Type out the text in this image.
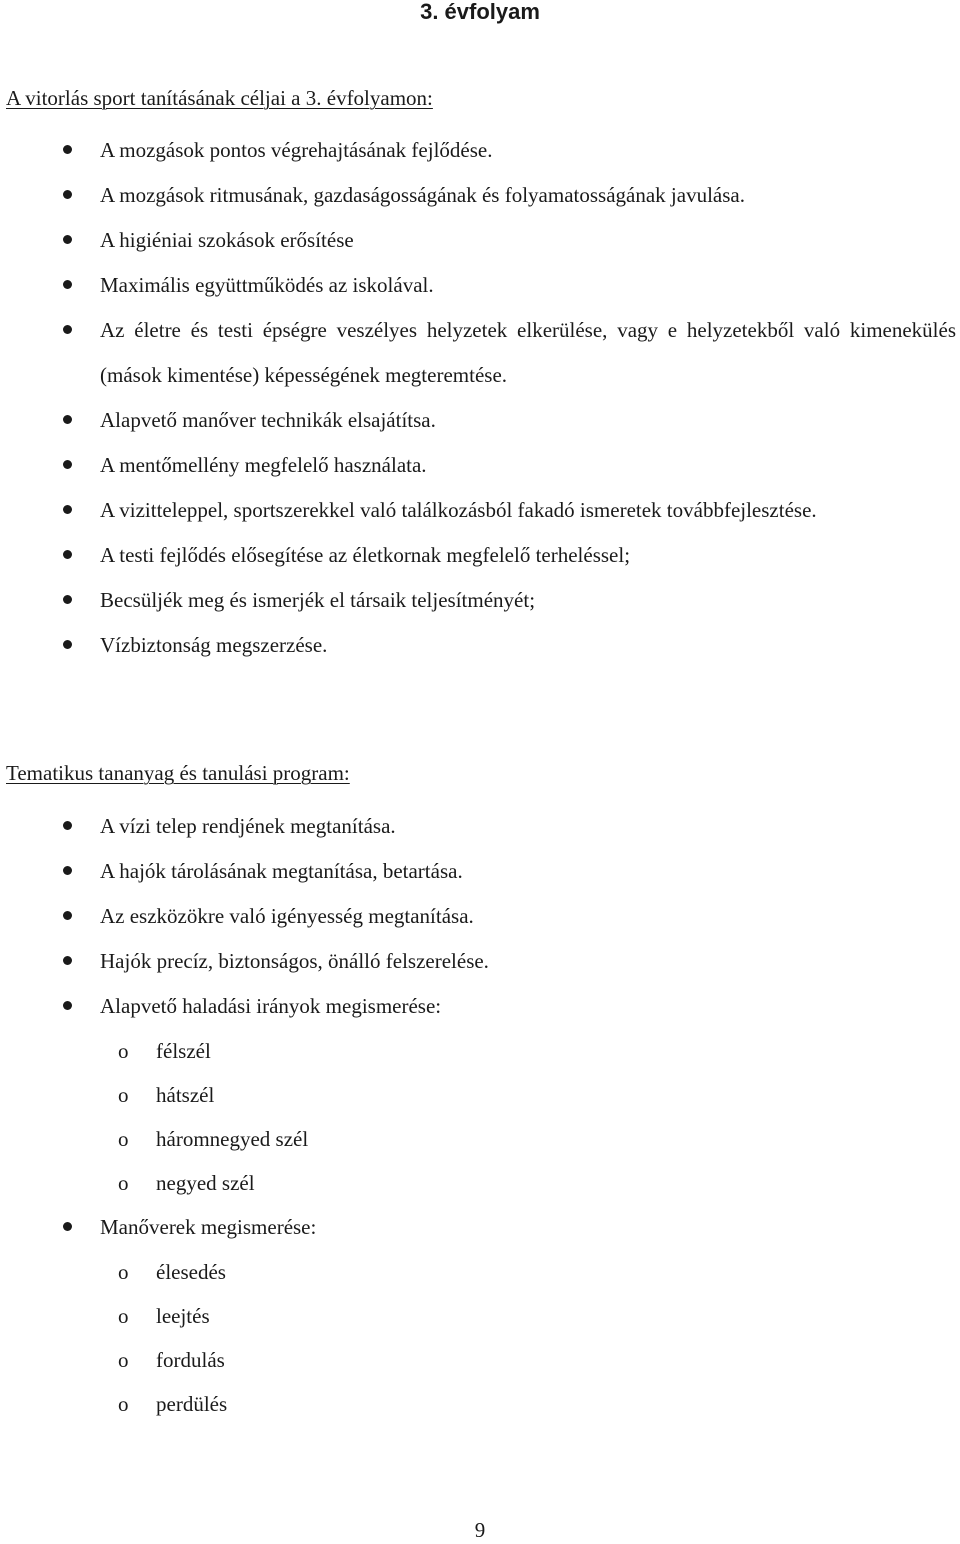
3. évfolyam
A vitorlás sport tanításának céljai a 3. évfolyamon:
A mozgások pontos végrehajtásának fejlődése.
A mozgások ritmusának, gazdaságosságának és folyamatosságának javulása.
A higiéniai szokások erősítése
Maximális együttműködés az iskolával.
Az életre és testi épségre veszélyes helyzetek elkerülése, vagy e helyzetekből való kimenekülés (mások kimentése) képességének megteremtése.
Alapvető manőver technikák elsajátítsa.
A mentőmellény megfelelő használata.
A vizitteleppel, sportszerekkel való találkozásból fakadó ismeretek továbbfejlesztése.
A testi fejlődés elősegítése az életkornak megfelelő terheléssel;
Becsüljék meg és ismerjék el társaik teljesítményét;
Vízbiztonság megszerzése.
Tematikus tananyag és tanulási program:
A vízi telep rendjének megtanítása.
A hajók tárolásának megtanítása, betartása.
Az eszközökre való igényesség megtanítása.
Hajók precíz, biztonságos, önálló felszerelése.
Alapvető haladási irányok megismerése:
o félszél
o hátszél
o háromnegyed szél
o negyed szél
Manőverek megismerése:
o élesedés
o leejtés
o fordulás
o perdülés
9
